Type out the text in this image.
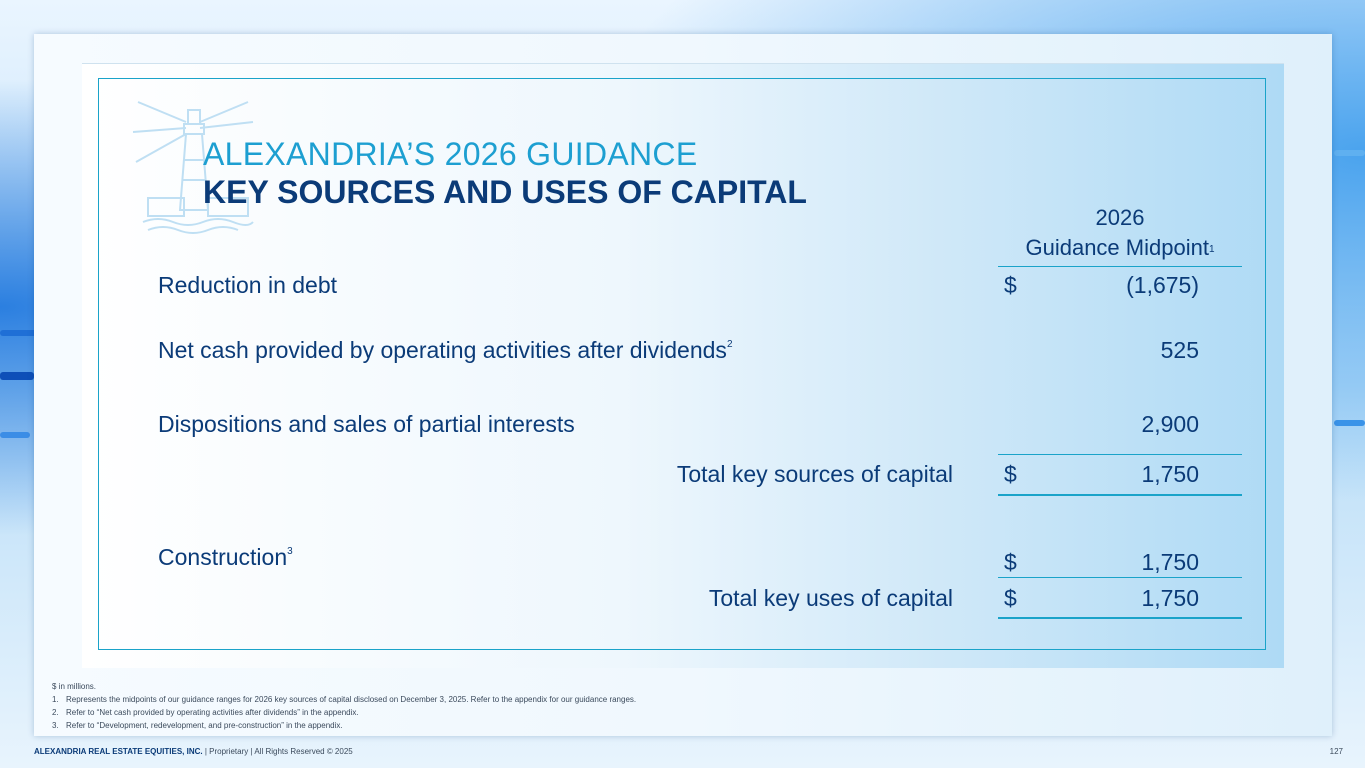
ALEXANDRIA’S 2026 GUIDANCE
KEY SOURCES AND USES OF CAPITAL
2026
Guidance Midpoint$^1$
Reduction in debt	$	(1,675)
Net cash provided by operating activities after dividends$^2$	525
Dispositions and sales of partial interests	2,900
Total key sources of capital $	1,750
Construction$^3$	$	1,750
Total key uses of capital $	1,750
$ in millions.
1. Represents the midpoints of our guidance ranges for 2026 key sources of capital disclosed on December 3, 2025. Refer to the appendix for our guidance ranges.
2. Refer to “Net cash provided by operating activities after dividends” in the appendix.
3. Refer to “Development, redevelopment, and pre-construction” in the appendix.
ALEXANDRIA REAL ESTATE EQUITIES, INC. | Proprietary | All Rights Reserved © 2025	127
